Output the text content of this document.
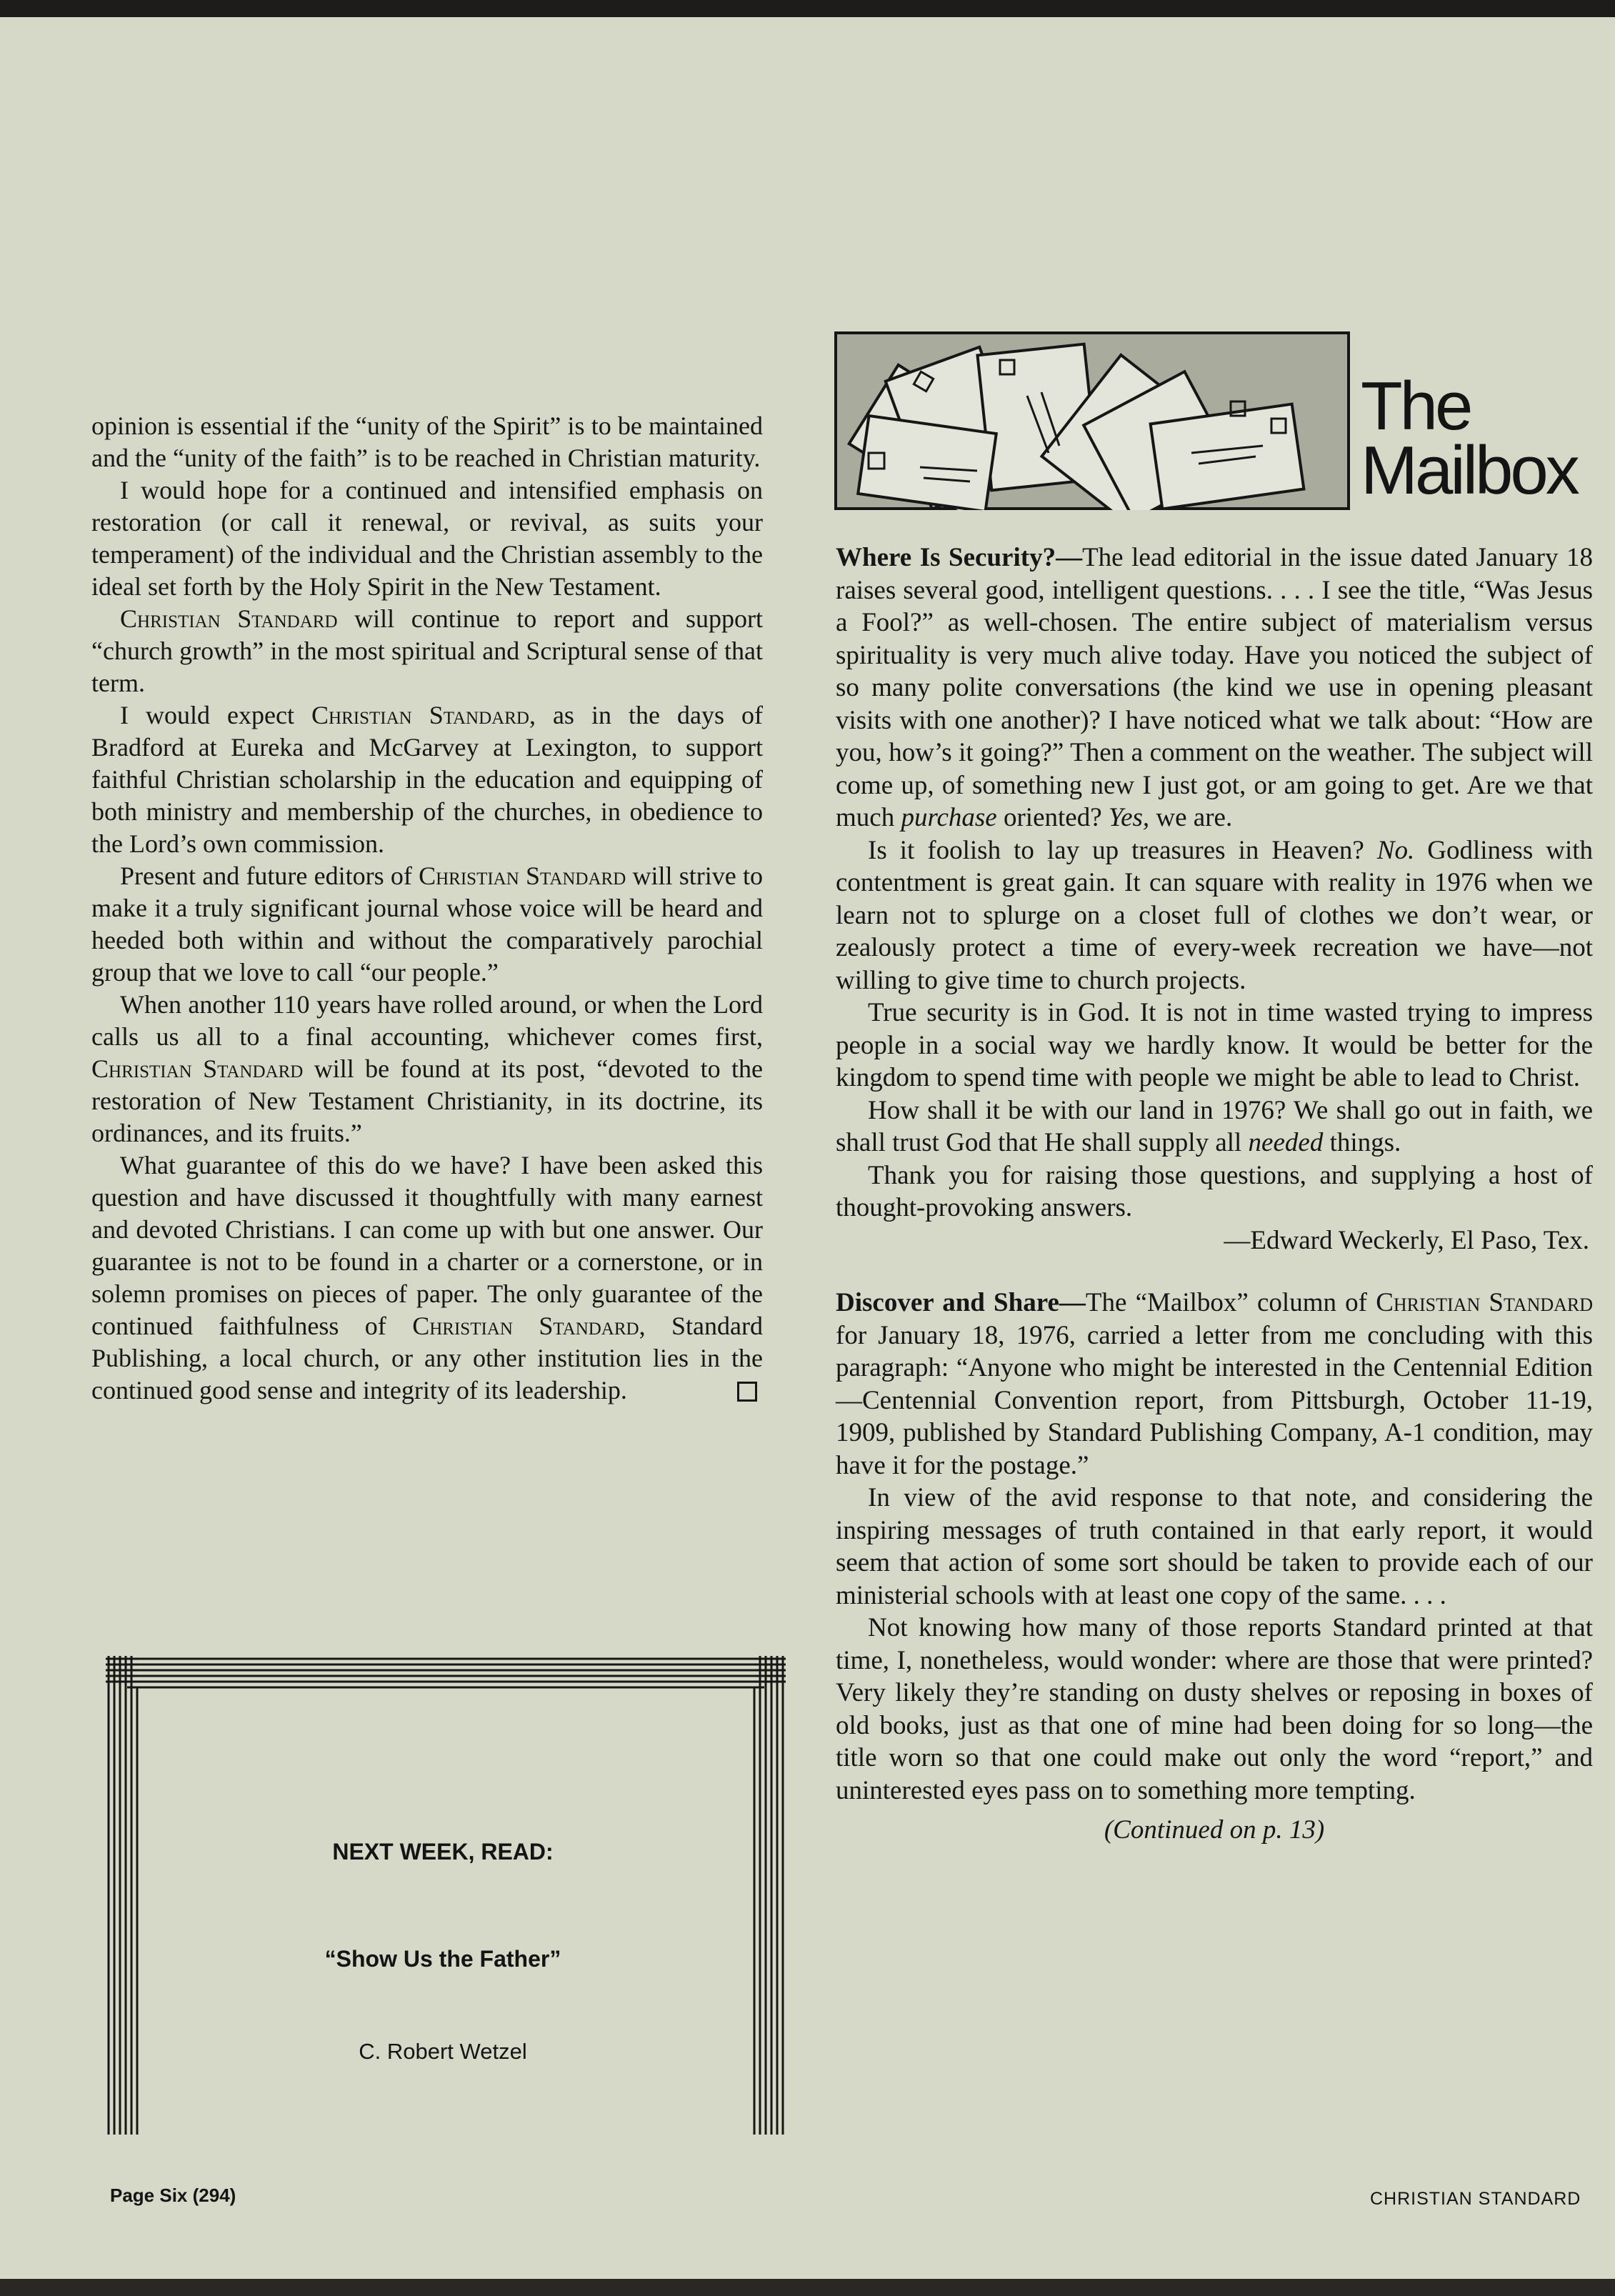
opinion is essential if the “unity of the Spirit” is to be maintained and the “unity of the faith” is to be reached in Christian maturity.

I would hope for a continued and intensified emphasis on restoration (or call it renewal, or revival, as suits your temperament) of the individual and the Christian assembly to the ideal set forth by the Holy Spirit in the New Testament.

Christian Standard will continue to report and support “church growth” in the most spiritual and Scriptural sense of that term.

I would expect Christian Standard, as in the days of Bradford at Eureka and McGarvey at Lexington, to support faithful Christian scholarship in the education and equipping of both ministry and membership of the churches, in obedience to the Lord’s own commission.

Present and future editors of Christian Standard will strive to make it a truly significant journal whose voice will be heard and heeded both within and without the comparatively parochial group that we love to call “our people.”

When another 110 years have rolled around, or when the Lord calls us all to a final accounting, whichever comes first, Christian Standard will be found at its post, “devoted to the restoration of New Testament Christianity, in its doctrine, its ordinances, and its fruits.”

What guarantee of this do we have? I have been asked this question and have discussed it thoughtfully with many earnest and devoted Christians. I can come up with but one answer. Our guarantee is not to be found in a charter or a cornerstone, or in solemn promises on pieces of paper. The only guarantee of the continued faithfulness of Christian Standard, Standard Publishing, a local church, or any other institution lies in the continued good sense and integrity of its leadership.

The
Mailbox

Where Is Security?—The lead editorial in the issue dated January 18 raises several good, intelligent questions. . . . I see the title, “Was Jesus a Fool?” as well-chosen. The entire subject of materialism versus spirituality is very much alive today. Have you noticed the subject of so many polite conversations (the kind we use in opening pleasant visits with one another)? I have noticed what we talk about: “How are you, how’s it going?” Then a comment on the weather. The subject will come up, of something new I just got, or am going to get. Are we that much purchase oriented? Yes, we are.

Is it foolish to lay up treasures in Heaven? No. Godliness with contentment is great gain. It can square with reality in 1976 when we learn not to splurge on a closet full of clothes we don’t wear, or zealously protect a time of every-week recreation we have—not willing to give time to church projects.

True security is in God. It is not in time wasted trying to impress people in a social way we hardly know. It would be better for the kingdom to spend time with people we might be able to lead to Christ.

How shall it be with our land in 1976? We shall go out in faith, we shall trust God that He shall supply all needed things.

Thank you for raising those questions, and supplying a host of thought-provoking answers.

—Edward Weckerly, El Paso, Tex.

Discover and Share—The “Mailbox” column of Christian Standard for January 18, 1976, carried a letter from me concluding with this paragraph: “Anyone who might be interested in the Centennial Edition—Centennial Convention report, from Pittsburgh, October 11-19, 1909, published by Standard Publishing Company, A-1 condition, may have it for the postage.”

In view of the avid response to that note, and considering the inspiring messages of truth contained in that early report, it would seem that action of some sort should be taken to provide each of our ministerial schools with at least one copy of the same. . . .

Not knowing how many of those reports Standard printed at that time, I, nonetheless, would wonder: where are those that were printed? Very likely they’re standing on dusty shelves or reposing in boxes of old books, just as that one of mine had been doing for so long—the title worn so that one could make out only the word “report,” and uninterested eyes pass on to something more tempting.

(Continued on p. 13)

NEXT WEEK, READ:
“Show Us the Father”
C. Robert Wetzel
Page Six (294)	CHRISTIAN STANDARD
